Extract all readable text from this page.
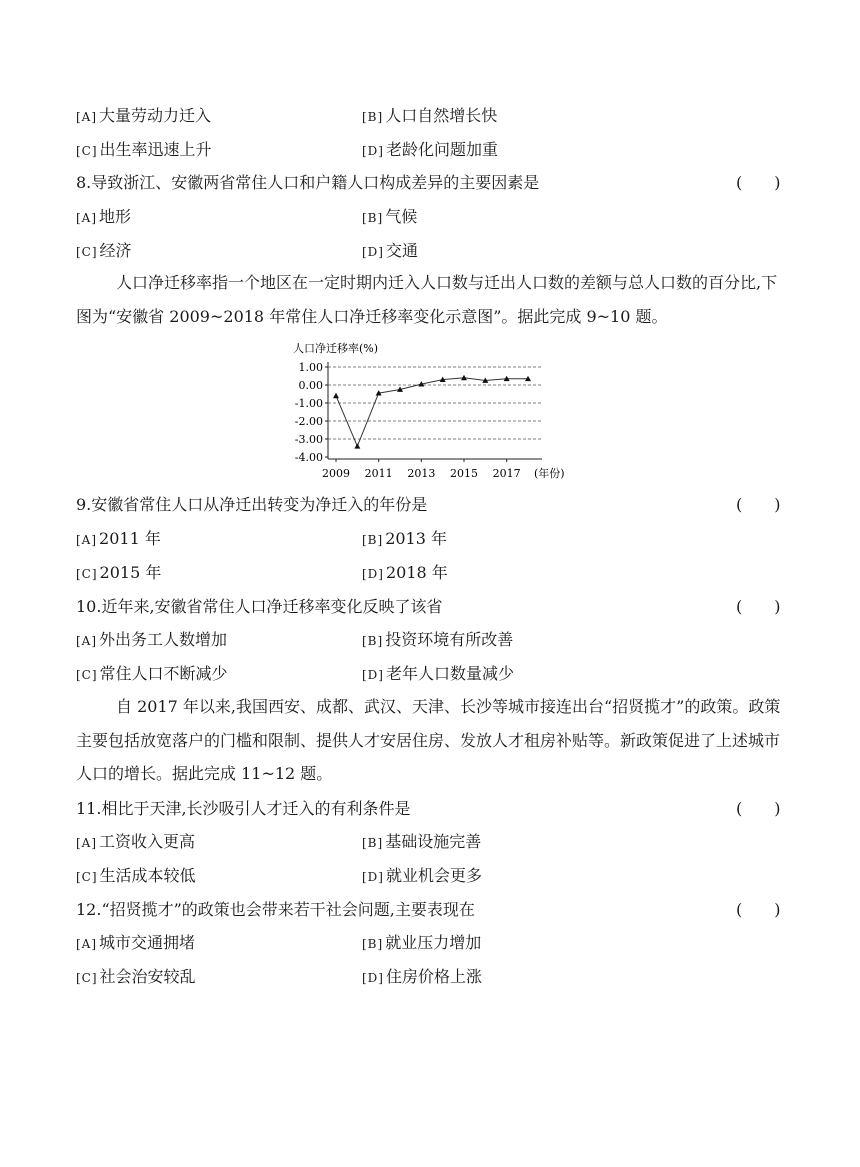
[A] 大量劳动力迁入	[B] 人口自然增长快
[C] 出生率迅速上升	[D] 老龄化问题加重
8.导致浙江、安徽两省常住人口和户籍人口构成差异的主要因素是	(　　)
[A] 地形	[B] 气候
[C] 经济	[D] 交通
人口净迁移率指一个地区在一定时期内迁入人口数与迁出人口数的差额与总人口数的百分比,下图为“安徽省 2009~2018 年常住人口净迁移率变化示意图”。据此完成 9~10 题。
人口净迁移率(%)
1.00
0.00
-1.00
-2.00
-3.00
-4.00
2009 2011 2013 2015 2017 (年份)
9.安徽省常住人口从净迁出转变为净迁入的年份是	(　　)
[A] 2011 年	[B] 2013 年
[C] 2015 年	[D] 2018 年
10.近年来,安徽省常住人口净迁移率变化反映了该省	(　　)
[A] 外出务工人数增加	[B] 投资环境有所改善
[C] 常住人口不断减少	[D] 老年人口数量减少
自 2017 年以来,我国西安、成都、武汉、天津、长沙等城市接连出台“招贤揽才”的政策。政策主要包括放宽落户的门槛和限制、提供人才安居住房、发放人才租房补贴等。新政策促进了上述城市人口的增长。据此完成 11~12 题。
11.相比于天津,长沙吸引人才迁入的有利条件是	(　　)
[A] 工资收入更高	[B] 基础设施完善
[C] 生活成本较低	[D] 就业机会更多
12.“招贤揽才”的政策也会带来若干社会问题,主要表现在	(　　)
[A] 城市交通拥堵	[B] 就业压力增加
[C] 社会治安较乱	[D] 住房价格上涨
